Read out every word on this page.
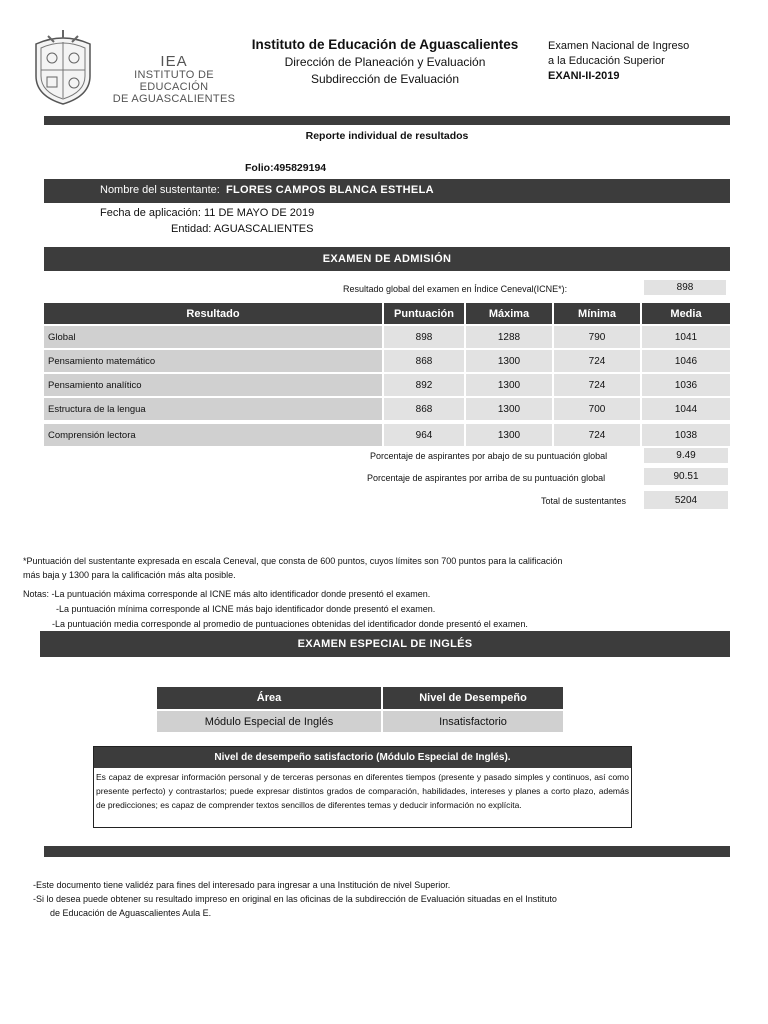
IEA
INSTITUTO DE EDUCACIÓN
DE AGUASCALIENTES
Instituto de Educación de Aguascalientes
Dirección de Planeación y Evaluación
Subdirección de Evaluación
Examen Nacional de Ingreso
a la Educación Superior
EXANI-II-2019
Reporte individual de resultados
Folio:495829194
Nombre del sustentante: FLORES CAMPOS BLANCA ESTHELA
Fecha de aplicación: 11 DE MAYO DE 2019
Entidad: AGUASCALIENTES
EXAMEN DE ADMISIÓN
Resultado global del examen en Índice Ceneval(ICNE*):	898
Resultado	Puntuación	Máxima	Mínima	Media
Global	898	1288	790	1041
Pensamiento matemático	868	1300	724	1046
Pensamiento analítico	892	1300	724	1036
Estructura de la lengua	868	1300	700	1044
Comprensión lectora	964	1300	724	1038
Porcentaje de aspirantes por abajo de su puntuación global	9.49
Porcentaje de aspirantes por arriba de su puntuación global	90.51
Total de sustentantes	5204
*Puntuación del sustentante expresada en escala Ceneval, que consta de 600 puntos, cuyos límites son 700 puntos para la calificación
más baja y 1300 para la calificación más alta posible.
Notas: -La puntuación máxima corresponde al ICNE más alto identificador donde presentó el examen.
-La puntuación mínima corresponde al ICNE más bajo identificador donde presentó el examen.
-La puntuación media corresponde al promedio de puntuaciones obtenidas del identificador donde presentó el examen.
EXAMEN ESPECIAL DE INGLÉS
Área	Nivel de Desempeño
Módulo Especial de Inglés	Insatisfactorio
Nivel de desempeño satisfactorio (Módulo Especial de Inglés).
Es capaz de expresar información personal y de terceras personas en diferentes tiempos (presente y pasado simples y continuos, así como presente perfecto) y contrastarlos; puede expresar distintos grados de comparación, habilidades, intereses y planes a corto plazo, además de predicciones; es capaz de comprender textos sencillos de diferentes temas y deducir información no explícita.
-Este documento tiene validéz para fines del interesado para ingresar a una Institución de nivel Superior.
-Si lo desea puede obtener su resultado impreso en original en las oficinas de la subdirección de Evaluación situadas en el Instituto
de Educación de Aguascalientes Aula E.
